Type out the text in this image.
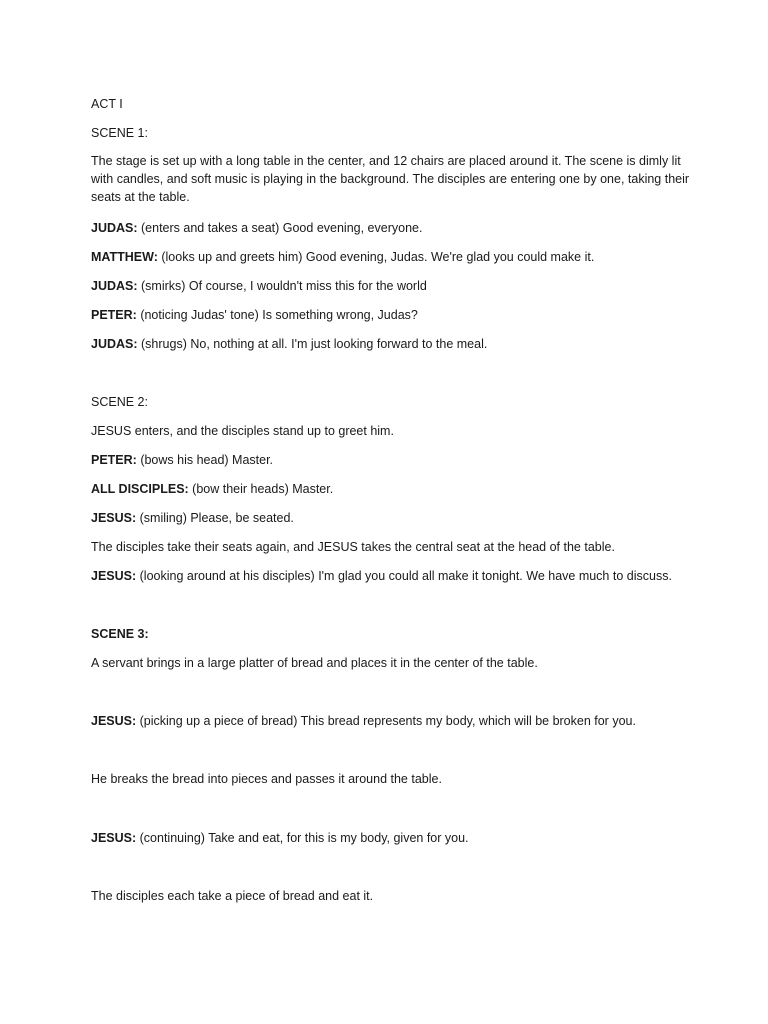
ACT I

SCENE 1:

The stage is set up with a long table in the center, and 12 chairs are placed around it. The scene is dimly lit with candles, and soft music is playing in the background. The disciples are entering one by one, taking their seats at the table.

JUDAS: (enters and takes a seat) Good evening, everyone.

MATTHEW: (looks up and greets him) Good evening, Judas. We're glad you could make it.

JUDAS: (smirks) Of course, I wouldn't miss this for the world

PETER: (noticing Judas' tone) Is something wrong, Judas?

JUDAS: (shrugs) No, nothing at all. I'm just looking forward to the meal.

SCENE 2:

JESUS enters, and the disciples stand up to greet him.

PETER: (bows his head) Master.

ALL DISCIPLES: (bow their heads) Master.

JESUS: (smiling) Please, be seated.

The disciples take their seats again, and JESUS takes the central seat at the head of the table.

JESUS: (looking around at his disciples) I'm glad you could all make it tonight. We have much to discuss.

SCENE 3:

A servant brings in a large platter of bread and places it in the center of the table.

JESUS: (picking up a piece of bread) This bread represents my body, which will be broken for you.

He breaks the bread into pieces and passes it around the table.

JESUS: (continuing) Take and eat, for this is my body, given for you.

The disciples each take a piece of bread and eat it.
